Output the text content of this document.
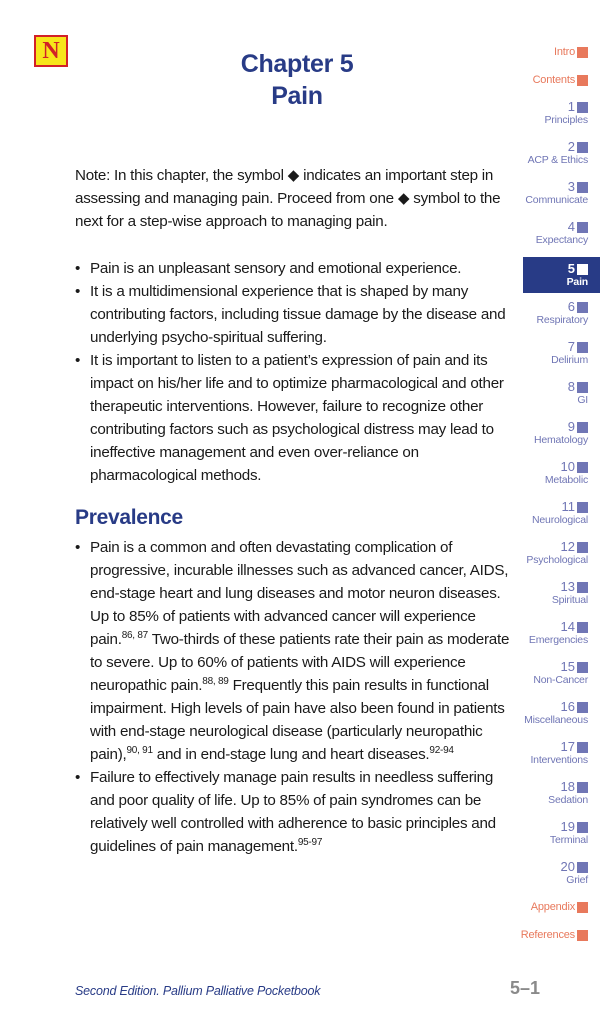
N	Chapter 5
Pain
Note: In this chapter, the symbol ◆ indicates an important step in assessing and managing pain. Proceed from one ◆ symbol to the next for a step-wise approach to managing pain.
• Pain is an unpleasant sensory and emotional experience.
• It is a multidimensional experience that is shaped by many contributing factors, including tissue damage by the disease and underlying psycho-spiritual suffering.
• It is important to listen to a patient’s expression of pain and its impact on his/her life and to optimize pharmacological and other therapeutic interventions. However, failure to recognize other contributing factors such as psychological distress may lead to ineffective management and even over-reliance on pharmacological methods.
Prevalence
• Pain is a common and often devastating complication of progressive, incurable illnesses such as advanced cancer, AIDS, end-stage heart and lung diseases and motor neuron diseases. Up to 85% of patients with advanced cancer will experience pain.$^{86, 87}$ Two-thirds of these patients rate their pain as moderate to severe. Up to 60% of patients with AIDS will experience neuropathic pain.$^{88, 89}$ Frequently this pain results in functional impairment. High levels of pain have also been found in patients with end-stage neurological disease (particularly neuropathic pain),$^{90, 91}$ and in end-stage lung and heart diseases.$^{92-94}$
• Failure to effectively manage pain results in needless suffering and poor quality of life. Up to 85% of pain syndromes can be relatively well controlled with adherence to basic principles and guidelines of pain management.$^{95-97}$
Second Edition. Pallium Palliative Pocketbook	5–1
Intro
Contents
1
Principles
2
ACP & Ethics
3
Communicate
4
Expectancy
5
Pain
6
Respiratory
7
Delirium
8
GI
9
Hematology
10
Metabolic
11
Neurological
12
Psychological
13
Spiritual
14
Emergencies
15
Non-Cancer
16
Miscellaneous
17
Interventions
18
Sedation
19
Terminal
20
Grief
Appendix
References
